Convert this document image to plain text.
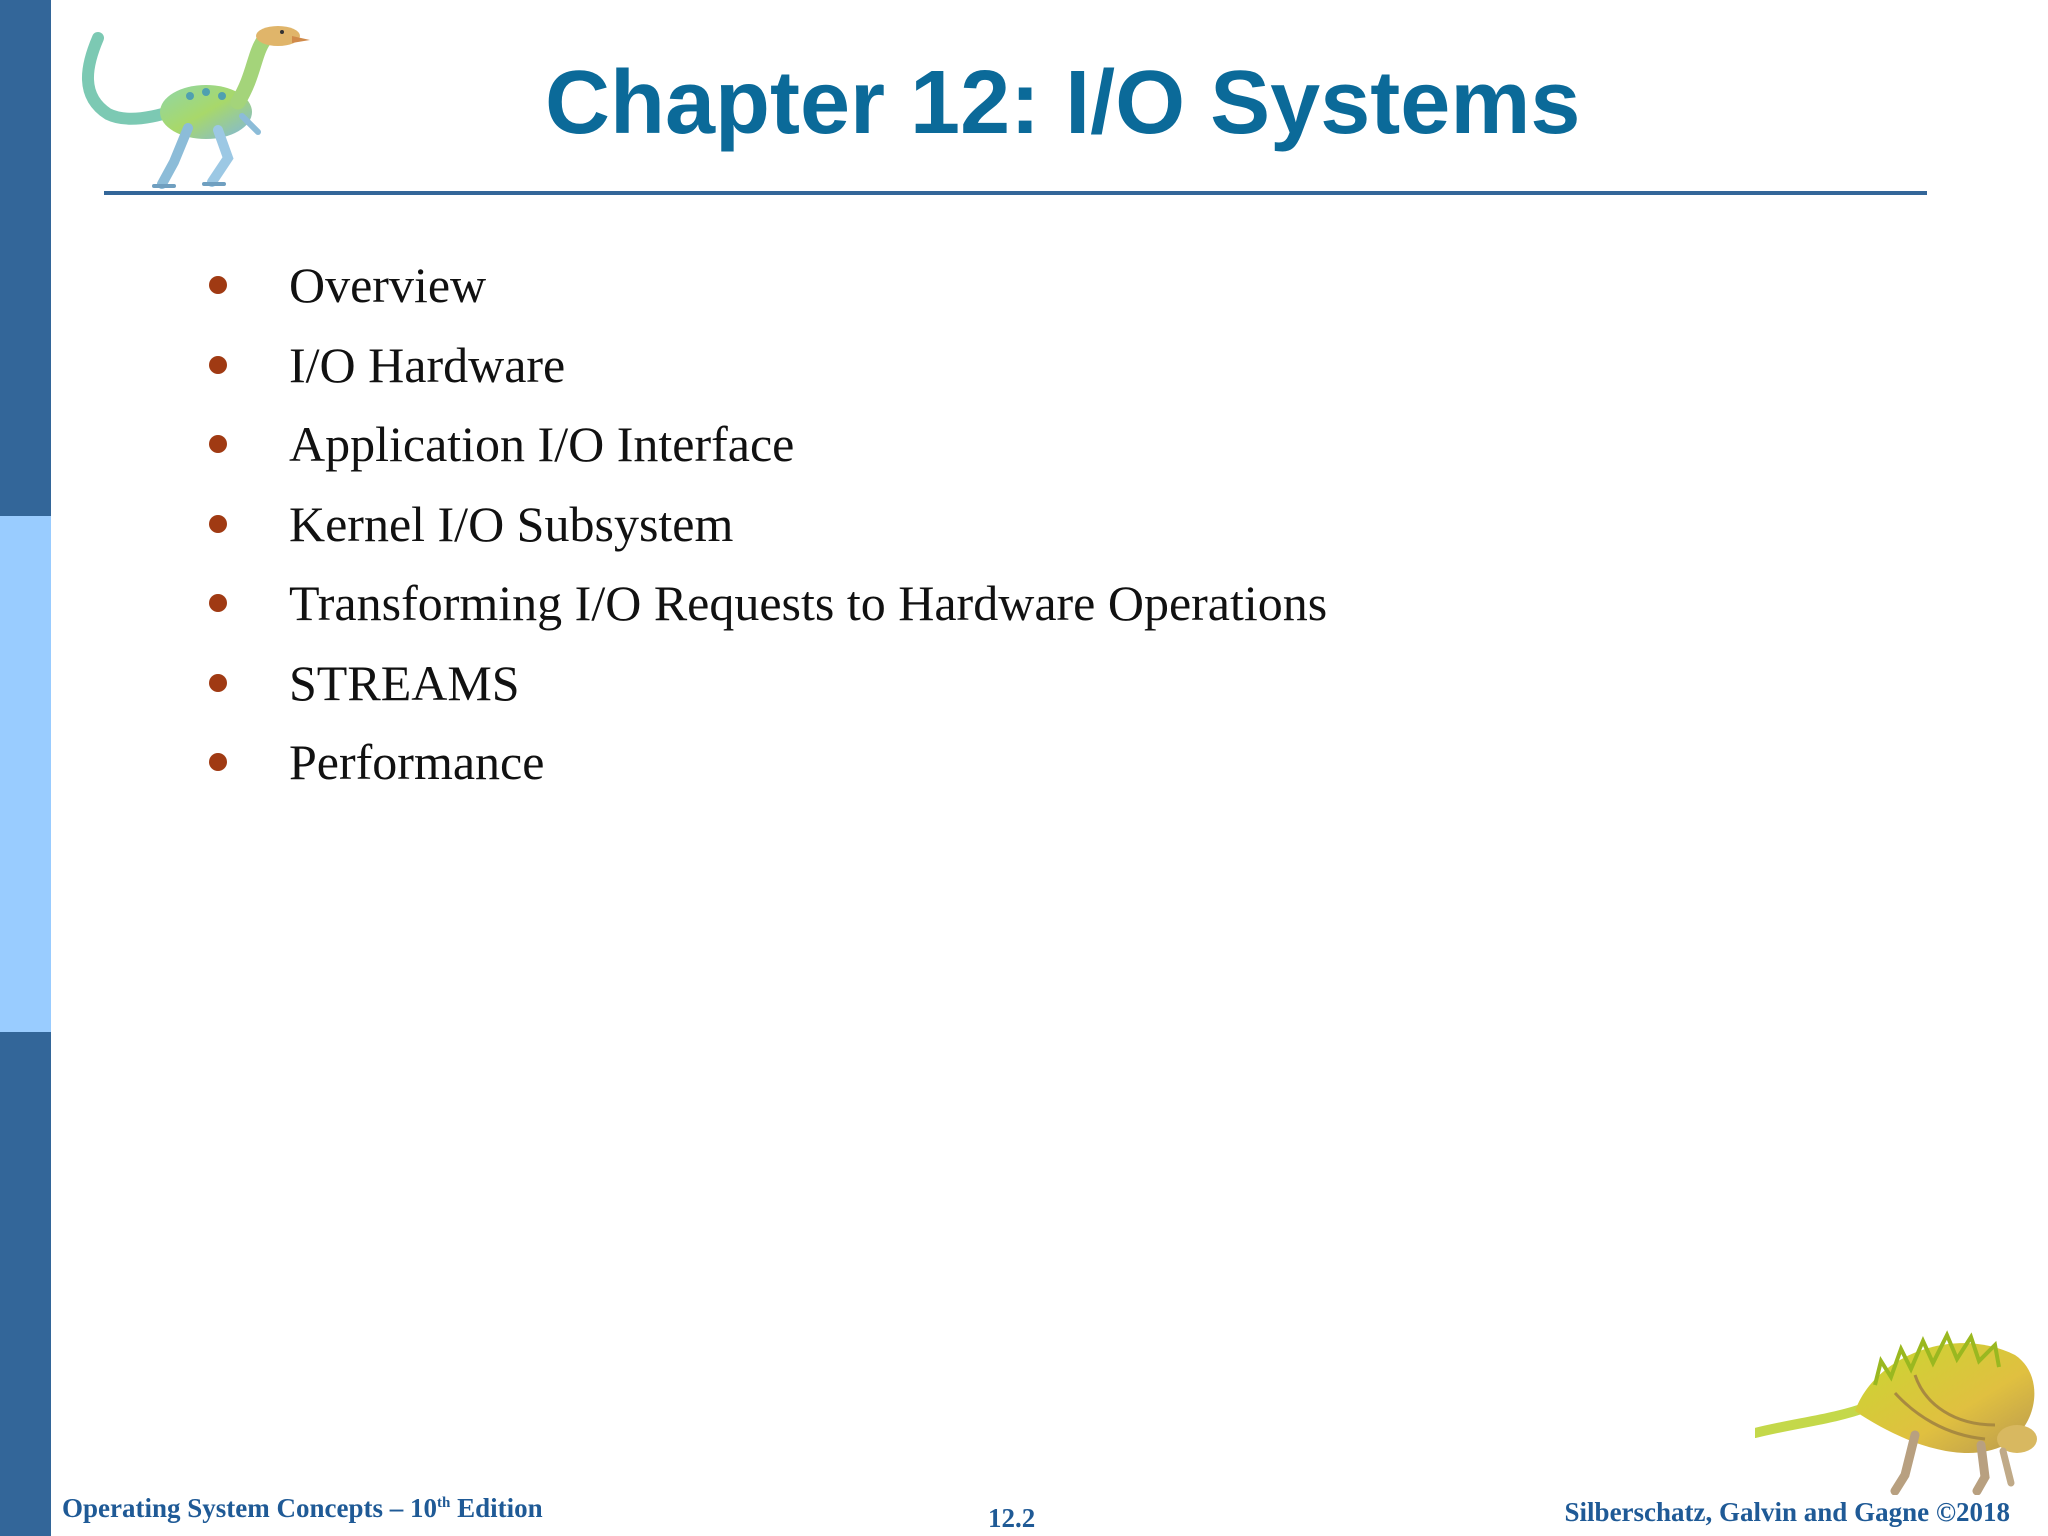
Chapter 12: I/O Systems
Overview
I/O Hardware
Application I/O Interface
Kernel I/O Subsystem
Transforming I/O Requests to Hardware Operations
STREAMS
Performance
Operating System Concepts – 10th Edition	12.2	Silberschatz, Galvin and Gagne ©2018
